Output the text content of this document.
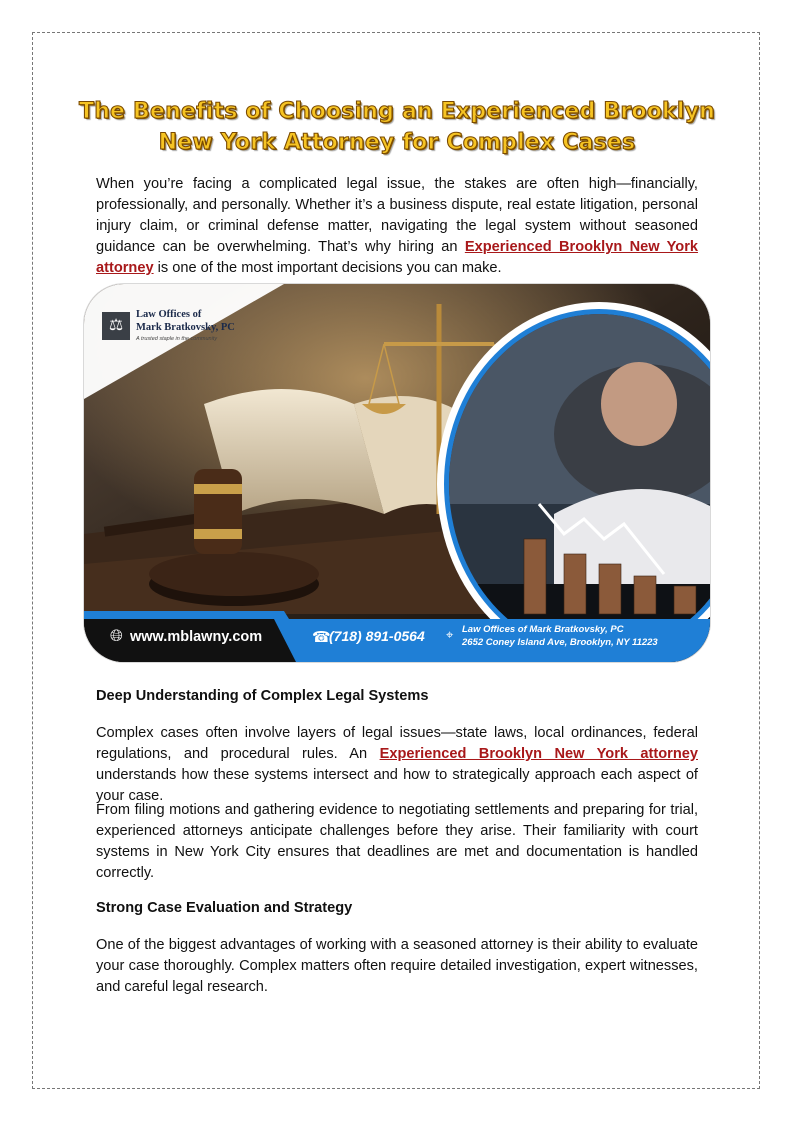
The Benefits of Choosing an Experienced Brooklyn
New York Attorney for Complex Cases

When you’re facing a complicated legal issue, the stakes are often high—financially, professionally, and personally. Whether it’s a business dispute, real estate litigation, personal injury claim, or criminal defense matter, navigating the legal system without seasoned guidance can be overwhelming. That’s why hiring an Experienced Brooklyn New York attorney is one of the most important decisions you can make.

⚖
Law Offices of
Mark Bratkovsky, PC
A trusted staple in the community
🌐︎ www.mblawny.com	☎
(718) 891-0564 ⌖ Law Offices of Mark Bratkovsky, PC
2652 Coney Island Ave, Brooklyn, NY 11223
Deep Understanding of Complex Legal Systems

Complex cases often involve layers of legal issues—state laws, local ordinances, federal regulations, and procedural rules. An Experienced Brooklyn New York attorney understands how these systems intersect and how to strategically approach each aspect of your case.

From filing motions and gathering evidence to negotiating settlements and preparing for trial, experienced attorneys anticipate challenges before they arise. Their familiarity with court systems in New York City ensures that deadlines are met and documentation is handled correctly.

Strong Case Evaluation and Strategy

One of the biggest advantages of working with a seasoned attorney is their ability to evaluate your case thoroughly. Complex matters often require detailed investigation, expert witnesses, and careful legal research.
